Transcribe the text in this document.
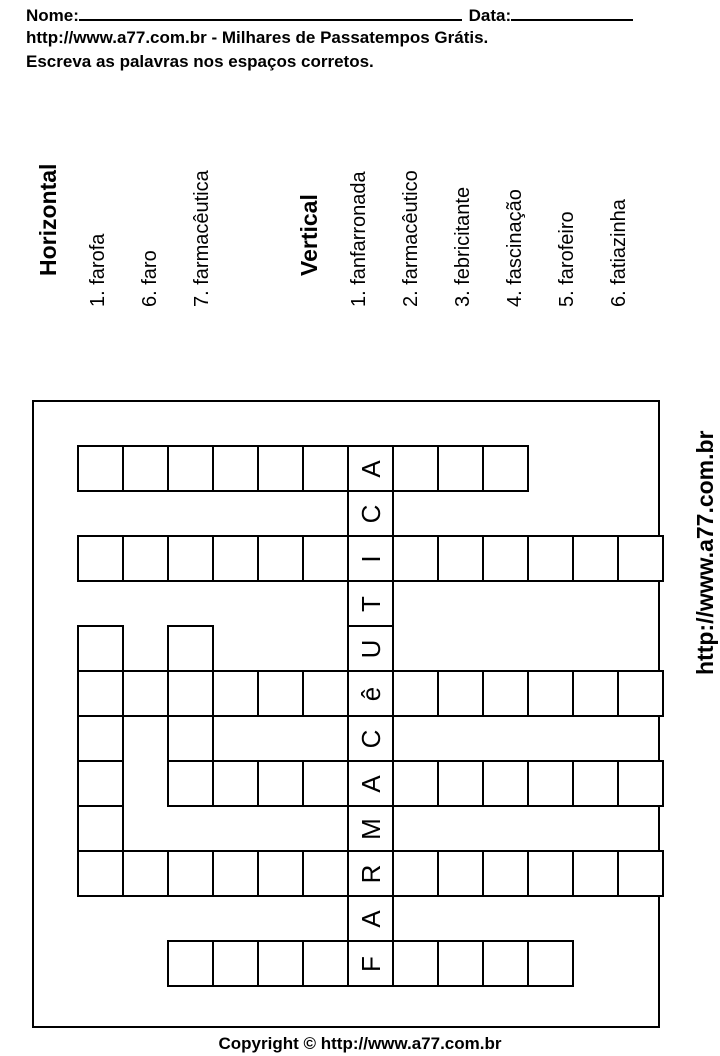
Nome:	Data:
http://www.a77.com.br - Milhares de Passatempos Grátis.
Escreva as palavras nos espaços corretos.
Horizontal 1. farofa 6. faro 7. farmacêutica	Vertical 1. fanfarronada 2. farmacêutico 3. febricitante 4. fascinação 5. farofeiro 6. fatiazinha
A
I
ê
A
R
F
C
T
U
C
M
A
http://www.a77.com.br
Copyright © http://www.a77.com.br
